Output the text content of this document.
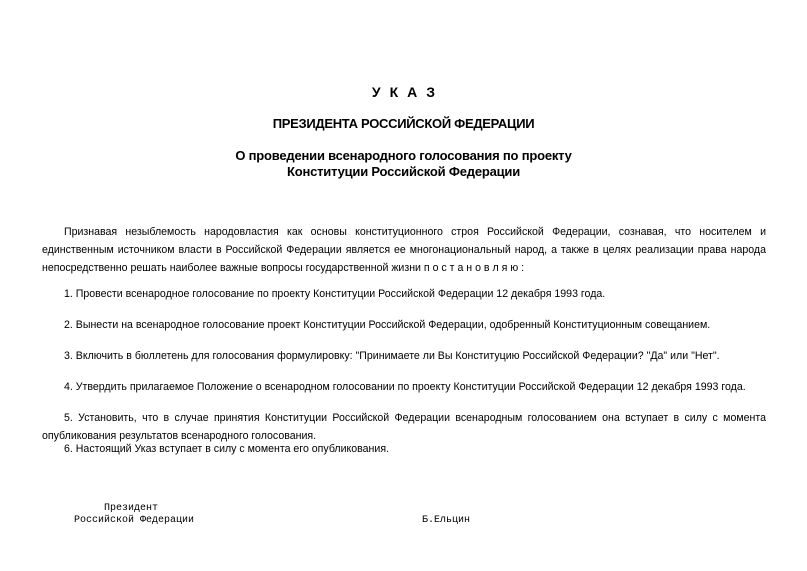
УКАЗ
ПРЕЗИДЕНТА РОССИЙСКОЙ ФЕДЕРАЦИИ
О проведении всенародного голосования по проекту
Конституции Российской Федерации

Признавая незыблемость народовластия как основы конституционного строя Российской Федерации, сознавая, что носителем и единственным источником власти в Российской Федерации является ее многонациональный народ, а также в целях реализации права народа непосредственно решать наиболее важные вопросы государственной жизни п о с т а н о в л я ю :

1. Провести всенародное голосование по проекту Конституции Российской Федерации 12 декабря 1993 года.

2. Вынести на всенародное голосование проект Конституции Российской Федерации, одобренный Конституционным совещанием.

3. Включить в бюллетень для голосования формулировку: "Принимаете ли Вы Конституцию Российской Федерации? "Да" или "Нет".

4. Утвердить прилагаемое Положение о всенародном голосовании по проекту Конституции Российской Федерации 12 декабря 1993 года.

5. Установить, что в случае принятия Конституции Российской Федерации всенародным голосованием она вступает в силу с момента опубликования результатов всенародного голосования.

6. Настоящий Указ вступает в силу с момента его опубликования.

Президент
Российской Федерации	Б.Ельцин
